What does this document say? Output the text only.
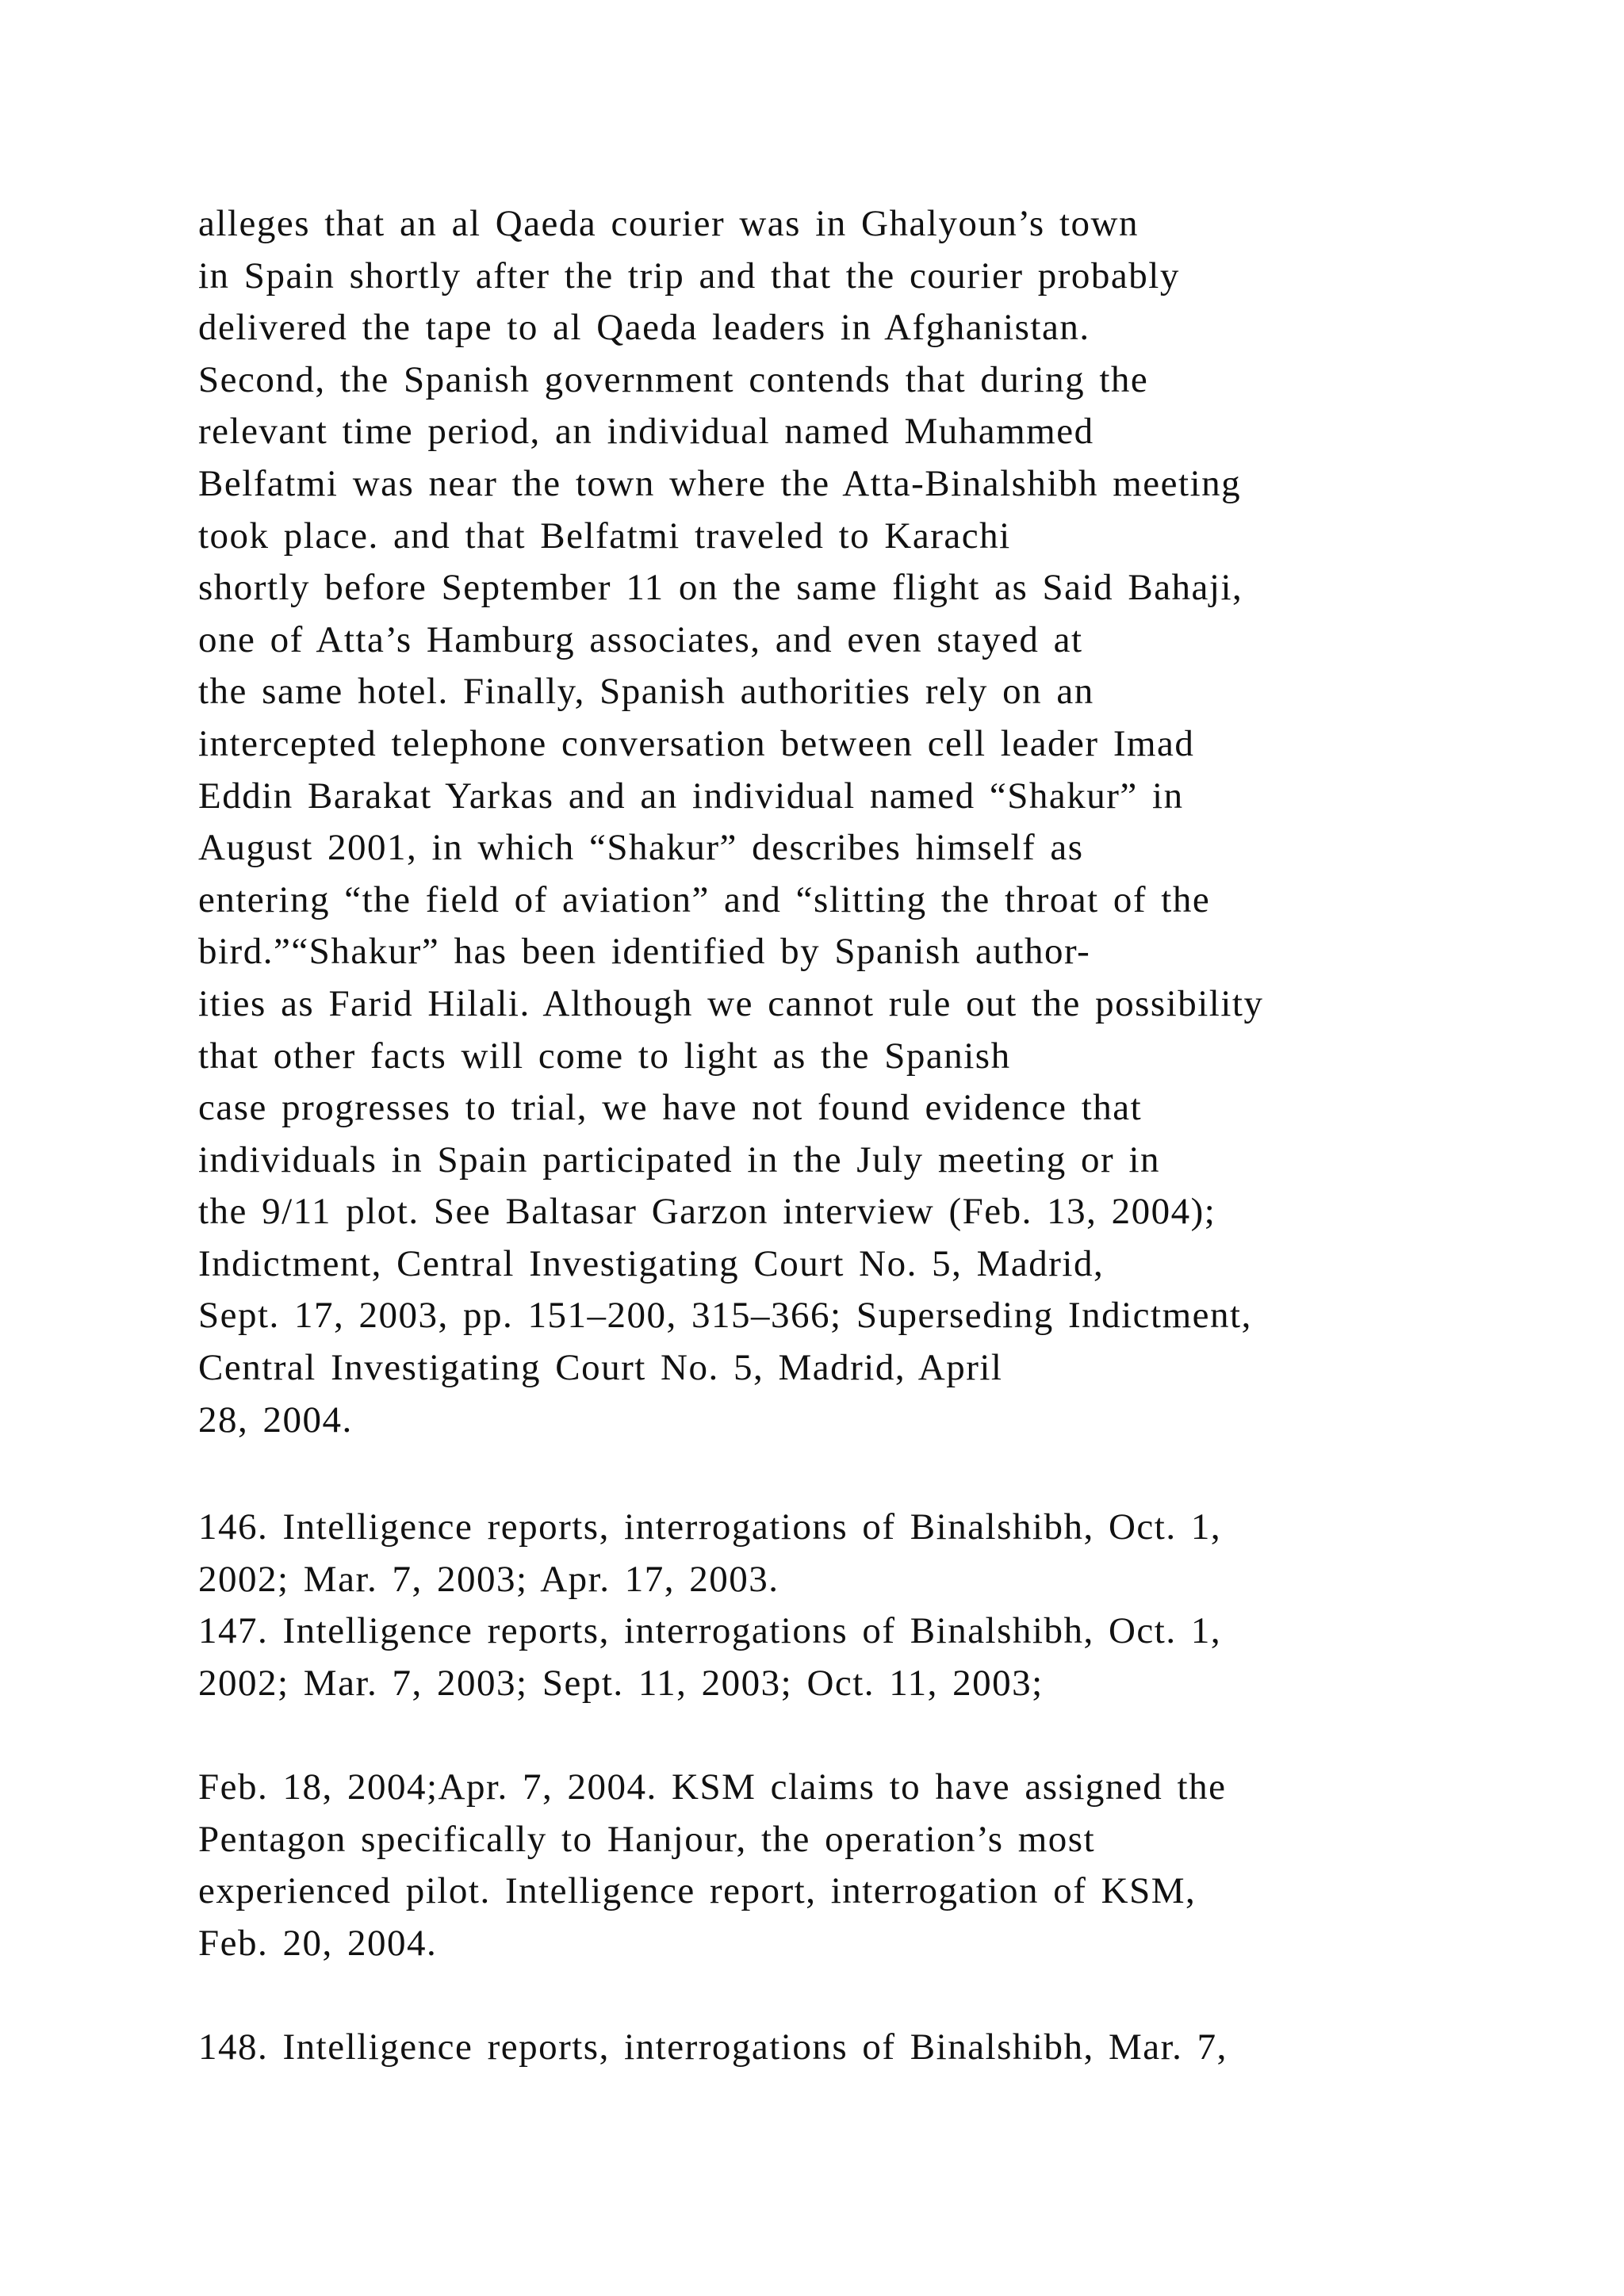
alleges that an al Qaeda courier was in Ghalyoun’s town
in Spain shortly after the trip and that the courier probably
delivered the tape to al Qaeda leaders in Afghanistan.
Second, the Spanish government contends that during the
relevant time period, an individual named Muhammed
Belfatmi was near the town where the Atta-Binalshibh meeting
took place. and that Belfatmi traveled to Karachi
shortly before September 11 on the same flight as Said Bahaji,
one of Atta’s Hamburg associates, and even stayed at
the same hotel. Finally, Spanish authorities rely on an
intercepted telephone conversation between cell leader Imad
Eddin Barakat Yarkas and an individual named “Shakur” in
August 2001, in which “Shakur” describes himself as
entering “the field of aviation” and “slitting the throat of the
bird.”“Shakur” has been identified by Spanish author-
ities as Farid Hilali. Although we cannot rule out the possibility
that other facts will come to light as the Spanish
case progresses to trial, we have not found evidence that
individuals in Spain participated in the July meeting or in
the 9/11 plot. See Baltasar Garzon interview (Feb. 13, 2004);
Indictment, Central Investigating Court No. 5, Madrid,
Sept. 17, 2003, pp. 151–200, 315–366; Superseding Indictment,
Central Investigating Court No. 5, Madrid, April
28, 2004.
146. Intelligence reports, interrogations of Binalshibh, Oct. 1,
2002; Mar. 7, 2003; Apr. 17, 2003.
147. Intelligence reports, interrogations of Binalshibh, Oct. 1,
2002; Mar. 7, 2003; Sept. 11, 2003; Oct. 11, 2003;
Feb. 18, 2004;Apr. 7, 2004. KSM claims to have assigned the
Pentagon specifically to Hanjour, the operation’s most
experienced pilot. Intelligence report, interrogation of KSM,
Feb. 20, 2004.
148. Intelligence reports, interrogations of Binalshibh, Mar. 7,
